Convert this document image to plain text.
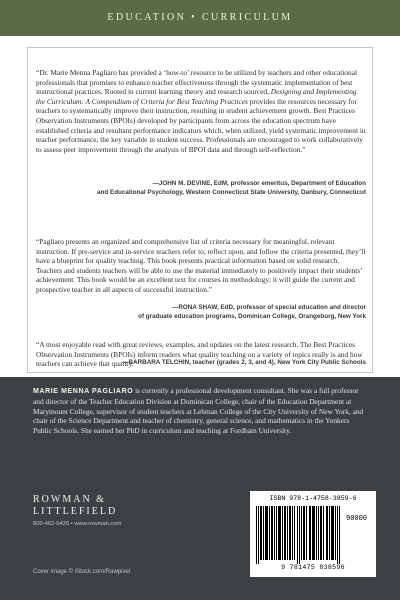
EDUCATION • CURRICULUM
“Dr. Marie Menna Pagliaro has provided a ‘how-to’ resource to be utilized by teachers and other educational professionals that promises to enhance teacher effectiveness through the systematic implementation of best instructional practices. Rooted in current learning theory and research sourced, Designing and Implementing the Curriculum: A Compendium of Criteria for Best Teaching Practices provides the resources necessary for teachers to systematically improve their instruction, resulting in student achievement growth. Best Practices Observation Instruments (BPOIs) developed by participants from across the education spectrum have established criteria and resultant performance indicators which, when utilized, yield systematic improvement in teacher performance, the key variable in student success. Professionals are encouraged to work collaboratively to assess peer improvement through the analysis of BPOI data and through self-reflection.”
—JOHN M. DEVINE, EdM, professor emeritus, Department of Education
and Educational Psychology, Western Connecticut State University, Danbury, Connecticut
“Pagliaro presents an organized and comprehensive list of criteria necessary for meaningful, relevant instruction. If pre-service and in-service teachers refer to, reflect upon, and follow the criteria presented, they’ll have a blueprint for quality teaching. This book presents practical information based on solid research. Teachers and students teachers will be able to use the material immediately to positively impact their students’ achievement. This book would be an excellent text for courses in methodology; it will guide the current and prospective teacher in all aspects of successful instruction.”
—RONA SHAW, EdD, professor of special education and director
of graduate education programs, Dominican College, Orangeburg, New York
“A most enjoyable read with great reviews, examples, and updates on the latest research. The Best Practices Observation Instruments (BPOIs) inform readers what quality teaching on a variety of topics really is and how teachers can achieve that quality.”
—BARBARA TELCHIN, teacher (grades 2, 3, and 4), New York City Public Schools
MARIE MENNA PAGLIARO is currently a professional development consultant. She was a full professor and director of the Teacher Education Division at Dominican College, chair of the Education Department at Marymount College, supervisor of student teachers at Lehman College of the City University of New York, and chair of the Science Department and teacher of chemistry, general science, and mathematics in the Yonkers Public Schools. She earned her PhD in curriculum and teaching at Fordham University.
ROWMAN &
LITTLEFIELD
800-462-6420 • www.rowman.com
Cover image © iStock.com/Rawpixel
ISBN 978-1-4758-3859-6
90000
9 781475 838596
